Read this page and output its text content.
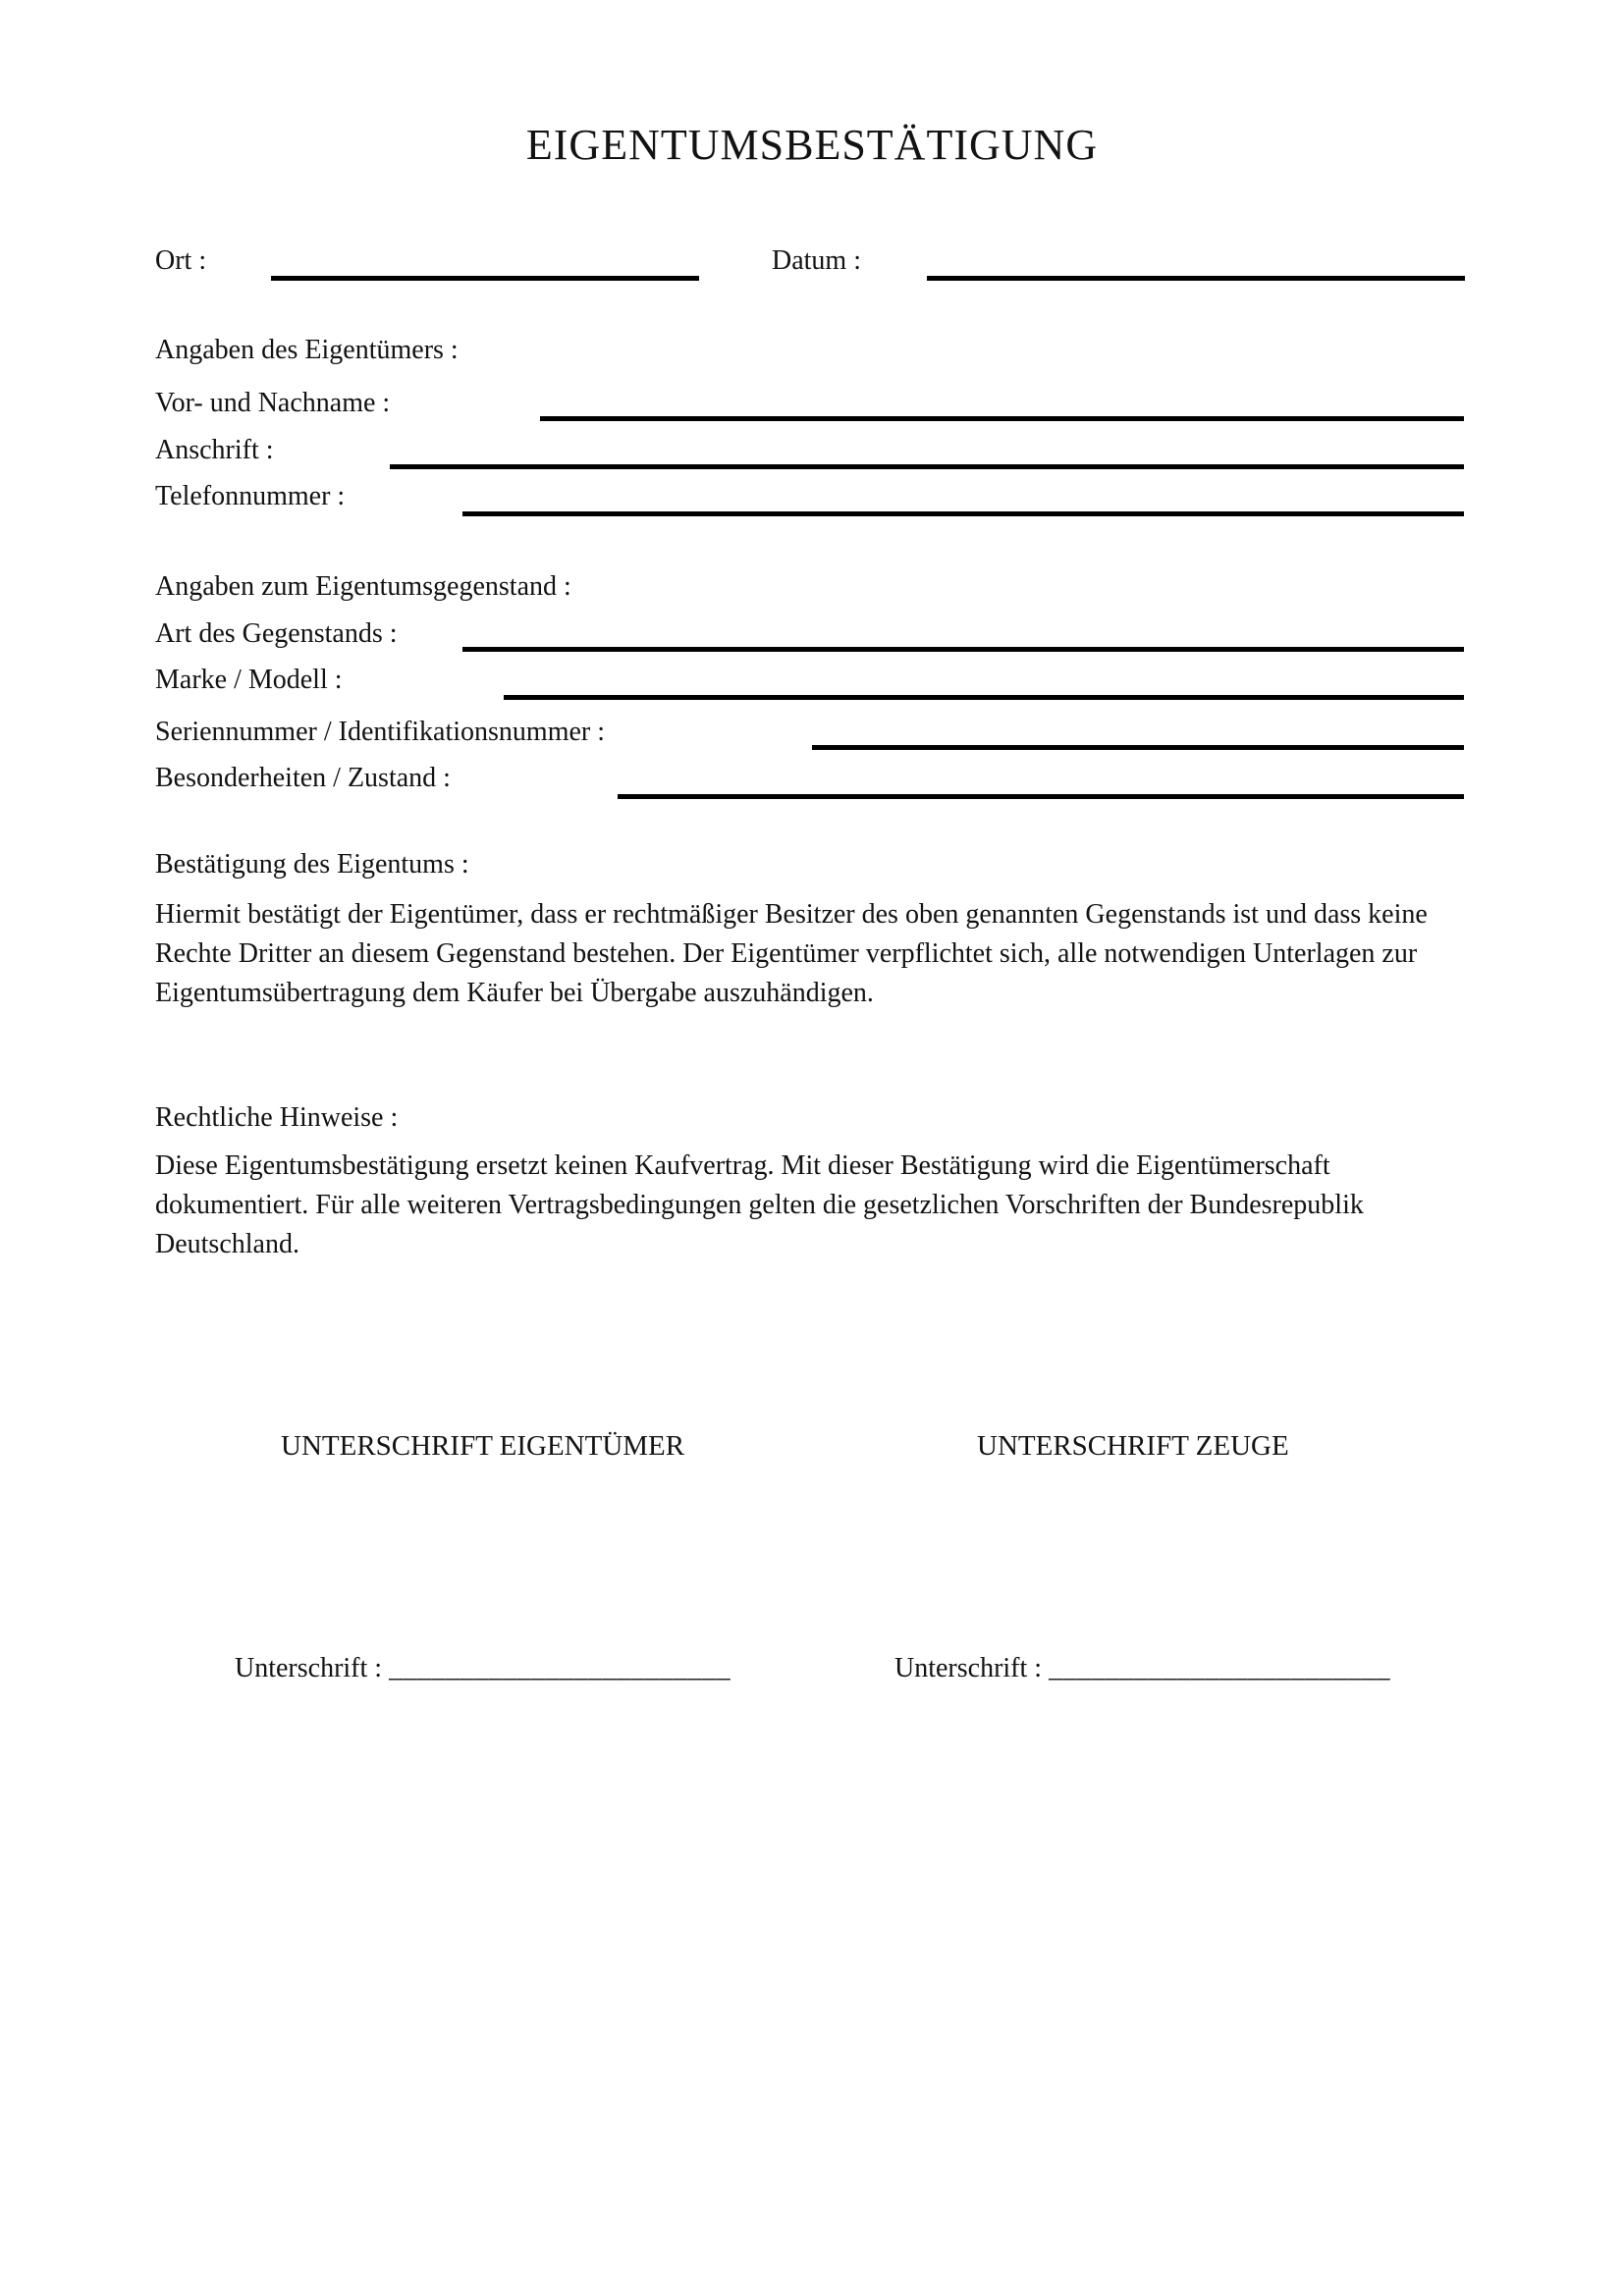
EIGENTUMSBESTÄTIGUNG
Ort :	Datum :
Angaben des Eigentümers :
Vor- und Nachname :
Anschrift :
Telefonnummer :
Angaben zum Eigentumsgegenstand :
Art des Gegenstands :
Marke / Modell :
Seriennummer / Identifikationsnummer :
Besonderheiten / Zustand :
Bestätigung des Eigentums :
Hiermit bestätigt der Eigentümer, dass er rechtmäßiger Besitzer des oben genannten Gegenstands ist und dass keine
Rechte Dritter an diesem Gegenstand bestehen. Der Eigentümer verpflichtet sich, alle notwendigen Unterlagen zur
Eigentumsübertragung dem Käufer bei Übergabe auszuhändigen.
Rechtliche Hinweise :
Diese Eigentumsbestätigung ersetzt keinen Kaufvertrag. Mit dieser Bestätigung wird die Eigentümerschaft
dokumentiert. Für alle weiteren Vertragsbedingungen gelten die gesetzlichen Vorschriften der Bundesrepublik
Deutschland.
UNTERSCHRIFT EIGENTÜMER	UNTERSCHRIFT ZEUGE
Unterschrift : ________________________	Unterschrift : ________________________
